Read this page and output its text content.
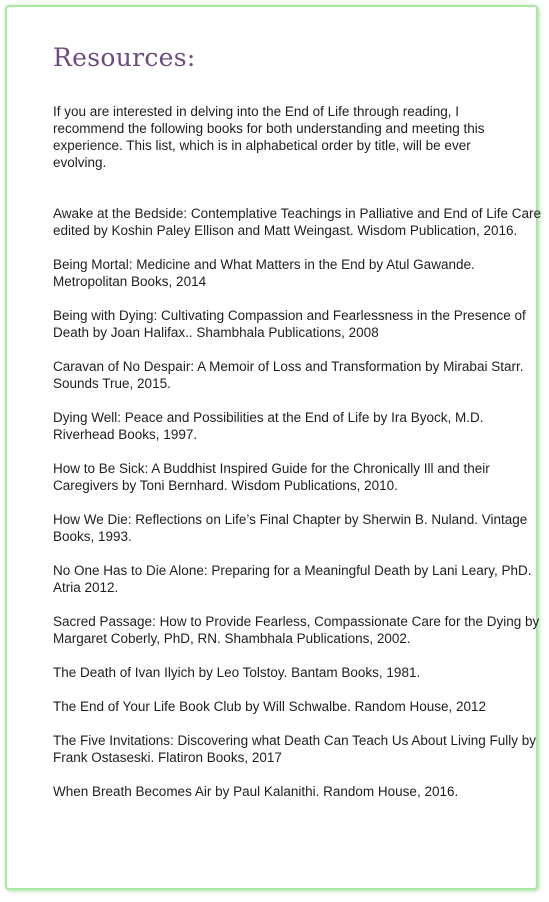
Resources:

If you are interested in delving into the End of Life through reading, I recommend the following books for both understanding and meeting this experience. This list, which is in alphabetical order by title, will be ever evolving.

Awake at the Bedside: Contemplative Teachings in Palliative and End of Life Care edited by Koshin Paley Ellison and Matt Weingast. Wisdom Publication, 2016.
Being Mortal: Medicine and What Matters in the End by Atul Gawande. Metropolitan Books, 2014
Being with Dying: Cultivating Compassion and Fearlessness in the Presence of Death by Joan Halifax.. Shambhala Publications, 2008
Caravan of No Despair: A Memoir of Loss and Transformation by Mirabai Starr. Sounds True, 2015.
Dying Well: Peace and Possibilities at the End of Life by Ira Byock, M.D. Riverhead Books, 1997.
How to Be Sick: A Buddhist Inspired Guide for the Chronically Ill and their Caregivers by Toni Bernhard. Wisdom Publications, 2010.
How We Die: Reflections on Life’s Final Chapter by Sherwin B. Nuland. Vintage Books, 1993.
No One Has to Die Alone: Preparing for a Meaningful Death by Lani Leary, PhD. Atria 2012.
Sacred Passage: How to Provide Fearless, Compassionate Care for the Dying by Margaret Coberly, PhD, RN. Shambhala Publications, 2002.
The Death of Ivan Ilyich by Leo Tolstoy. Bantam Books, 1981.
The End of Your Life Book Club by Will Schwalbe. Random House, 2012
The Five Invitations: Discovering what Death Can Teach Us About Living Fully by Frank Ostaseski. Flatiron Books, 2017
When Breath Becomes Air by Paul Kalanithi. Random House, 2016.
